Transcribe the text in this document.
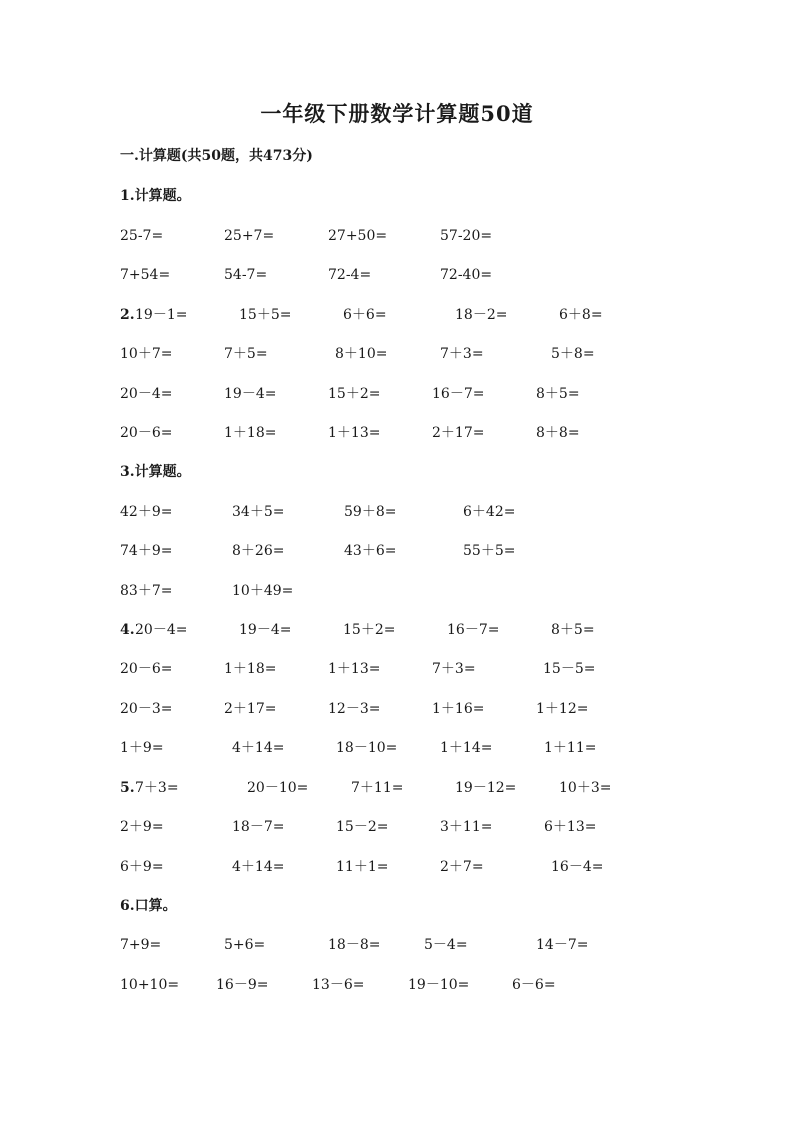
一年级下册数学计算题50道
一.计算题(共50题，共473分)
1.计算题。
25-7=	25+7=	27+50=	57-20=
7+54=	54-7=	72-4=	72-40=
2. 19－1=	15＋5=	6＋6=	18－2=	6＋8=
10＋7=	7＋5=	8＋10=	7＋3=	5＋8=
20－4=	19－4=	15＋2=	16－7=	8＋5=
20－6=	1＋18=	1＋13=	2＋17=	8＋8=
3.计算题。
42＋9=	34＋5=	59＋8=	6＋42=
74＋9=	8＋26=	43＋6=	55＋5=
83＋7=	10＋49=
4. 20－4=	19－4=	15＋2=	16－7=	8＋5=
20－6=	1＋18=	1＋13=	7＋3=	15－5=
20－3=	2＋17=	12－3=	1＋16=	1＋12=
1＋9=	4＋14=	18－10=	1＋14=	1＋11=
5. 7＋3=	20－10=	7＋11=	19－12=	10＋3=
2＋9=	18－7=	15－2=	3＋11=	6＋13=
6＋9=	4＋14=	11＋1=	2＋7=	16－4=
6.口算。
7+9=	5+6=	18－8=	5－4=	14－7=
10+10=	16－9=	13－6=	19－10=	6－6=
